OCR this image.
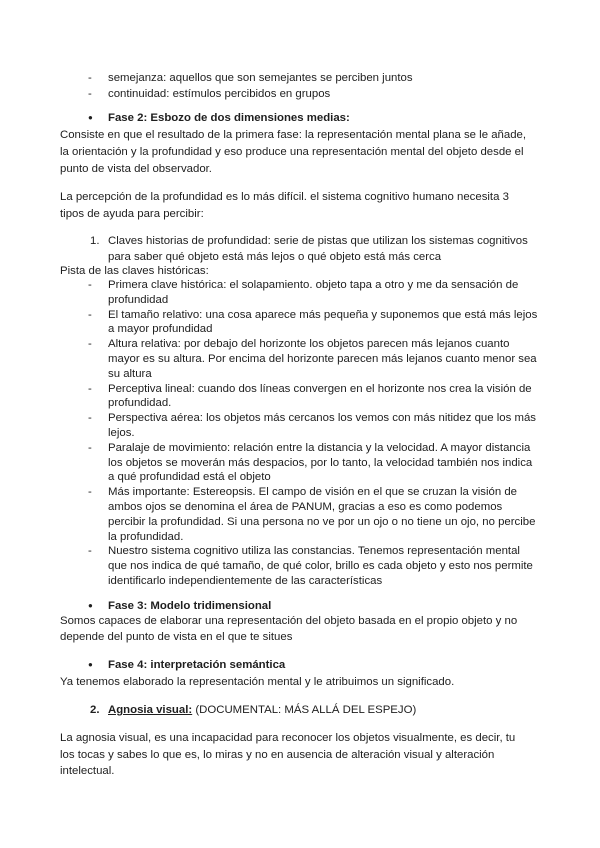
- semejanza: aquellos que son semejantes se perciben juntos
- continuidad: estímulos percibidos en grupos
● Fase 2: Esbozo de dos dimensiones medias:
Consiste en que el resultado de la primera fase: la representación mental plana se le añade,
la orientación y la profundidad y eso produce una representación mental del objeto desde el
punto de vista del observador.
La percepción de la profundidad es lo más difícil. el sistema cognitivo humano necesita 3
tipos de ayuda para percibir:
1. Claves historias de profundidad: serie de pistas que utilizan los sistemas cognitivos
para saber qué objeto está más lejos o qué objeto está más cerca
Pista de las claves históricas:
- Primera clave histórica: el solapamiento. objeto tapa a otro y me da sensación de
profundidad
- El tamaño relativo: una cosa aparece más pequeña y suponemos que está más lejos
a mayor profundidad
- Altura relativa: por debajo del horizonte los objetos parecen más lejanos cuanto
mayor es su altura. Por encima del horizonte parecen más lejanos cuanto menor sea
su altura
- Perceptiva lineal: cuando dos líneas convergen en el horizonte nos crea la visión de
profundidad.
- Perspectiva aérea: los objetos más cercanos los vemos con más nitidez que los más
lejos.
- Paralaje de movimiento: relación entre la distancia y la velocidad. A mayor distancia
los objetos se moverán más despacios, por lo tanto, la velocidad también nos indica
a qué profundidad está el objeto
- Más importante: Estereopsis. El campo de visión en el que se cruzan la visión de
ambos ojos se denomina el área de PANUM, gracias a eso es como podemos
percibir la profundidad. Si una persona no ve por un ojo o no tiene un ojo, no percibe
la profundidad.
- Nuestro sistema cognitivo utiliza las constancias. Tenemos representación mental
que nos indica de qué tamaño, de qué color, brillo es cada objeto y esto nos permite
identificarlo independientemente de las características
● Fase 3: Modelo tridimensional
Somos capaces de elaborar una representación del objeto basada en el propio objeto y no
depende del punto de vista en el que te situes
● Fase 4: interpretación semántica
Ya tenemos elaborado la representación mental y le atribuimos un significado.
2. Agnosia visual: (DOCUMENTAL: MÁS ALLÁ DEL ESPEJO)
La agnosia visual, es una incapacidad para reconocer los objetos visualmente, es decir, tu
los tocas y sabes lo que es, lo miras y no en ausencia de alteración visual y alteración
intelectual.
